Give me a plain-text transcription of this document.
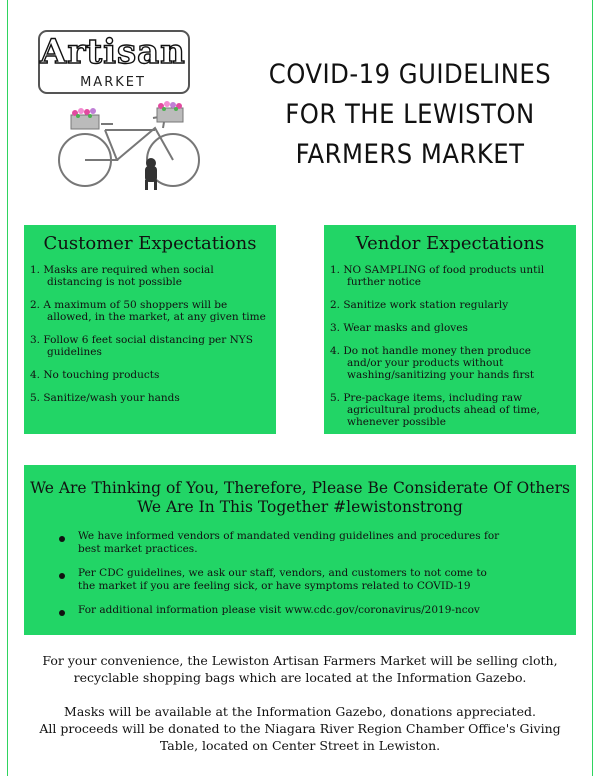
Artisan
MARKET	COVID-19 GUIDELINES
FOR THE LEWISTON
FARMERS MARKET
Customer Expectations
1. Masks are required when social distancing is not possible
2. A maximum of 50 shoppers will be allowed, in the market, at any given time
3. Follow 6 feet social distancing per NYS guidelines
4. No touching products
5. Sanitize/wash your hands
Vendor Expectations
1. NO SAMPLING of food products until further notice
2. Sanitize work station regularly
3. Wear masks and gloves
4. Do not handle money then produce and/or your products without washing/sanitizing your hands first
5. Pre-package items, including raw agricultural products ahead of time, whenever possible
We Are Thinking of You, Therefore, Please Be Considerate Of Others
We Are In This Together #lewistonstrong
We have informed vendors of mandated vending guidelines and procedures for best market practices.
Per CDC guidelines, we ask our staff, vendors, and customers to not come to the market if you are feeling sick, or have symptoms related to COVID-19
For additional information please visit www.cdc.gov/coronavirus/2019-ncov

For your convenience, the Lewiston Artisan Farmers Market will be selling cloth, recyclable shopping bags which are located at the Information Gazebo.

Masks will be available at the Information Gazebo, donations appreciated.

All proceeds will be donated to the Niagara River Region Chamber Office's Giving Table, located on Center Street in Lewiston.
